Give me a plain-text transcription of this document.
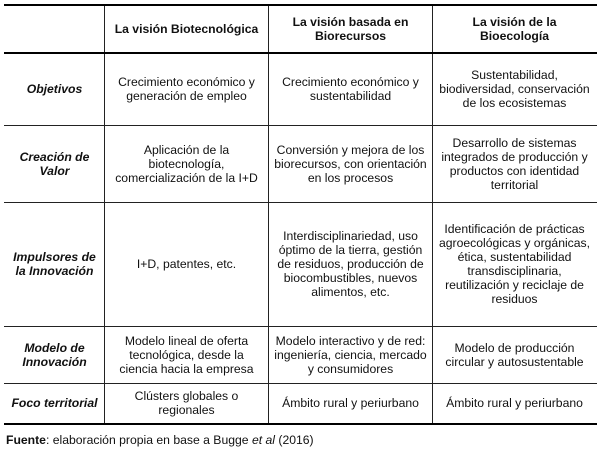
	La visión Biotecnológica	La visión basada en Biorecursos	La visión de la Bioecología
Objetivos	Crecimiento económico y generación de empleo	Crecimiento económico y sustentabilidad	Sustentabilidad, biodiversidad, conservación de los ecosistemas
Creación de Valor	Aplicación de la biotecnología, comercialización de la I+D	Conversión y mejora de los biorecursos, con orientación en los procesos	Desarrollo de sistemas integrados de producción y productos con identidad territorial
Impulsores de la Innovación	I+D, patentes, etc.	Interdisciplinariedad, uso óptimo de la tierra, gestión de residuos, producción de biocombustibles, nuevos alimentos, etc.	Identificación de prácticas agroecológicas y orgánicas, ética, sustentabilidad transdisciplinaria, reutilización y reciclaje de residuos
Modelo de Innovación	Modelo lineal de oferta tecnológica, desde la ciencia hacia la empresa	Modelo interactivo y de red: ingeniería, ciencia, mercado y consumidores	Modelo de producción circular y autosustentable
Foco territorial	Clústers globales o regionales	Ámbito rural y periurbano	Ámbito rural y periurbano
Fuente: elaboración propia en base a Bugge et al (2016)
